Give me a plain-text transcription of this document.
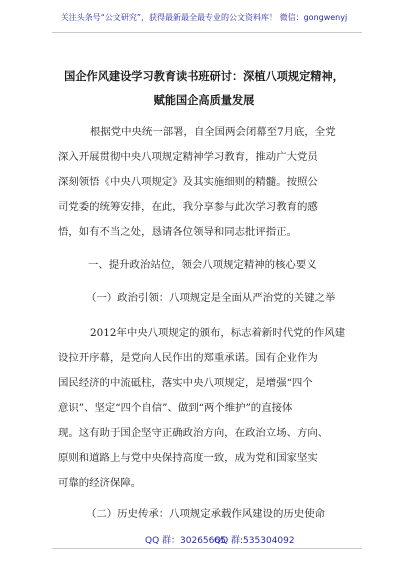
关注头条号“公文研究”，获得最新最全最专业的公文资料库！ 微信：gongwenyj
国企作风建设学习教育读书班研讨：深植八项规定精神，
赋能国企高质量发展
根据党中央统一部署，自全国两会闭幕至7月底，全党
深入开展贯彻中央八项规定精神学习教育，推动广大党员
深刻领悟《中央八项规定》及其实施细则的精髓。按照公
司党委的统筹安排，在此，我分享参与此次学习教育的感
悟，如有不当之处，恳请各位领导和同志批评指正。
一、提升政治站位，领会八项规定精神的核心要义
（一）政治引领：八项规定是全面从严治党的关键之举
2012年中央八项规定的颁布，标志着新时代党的作风建
设拉开序幕，是党向人民作出的郑重承诺。国有企业作为
国民经济的中流砥柱，落实中央八项规定，是增强“四个
意识”、坚定“四个自信”、做到“两个维护”的直接体
现。这有助于国企坚守正确政治方向，在政治立场、方向、
原则和道路上与党中央保持高度一致，成为党和国家坚实
可靠的经济保障。
（二）历史传承：八项规定承载作风建设的历史使命
QQ 群：30265665
QQ 群:535304092
